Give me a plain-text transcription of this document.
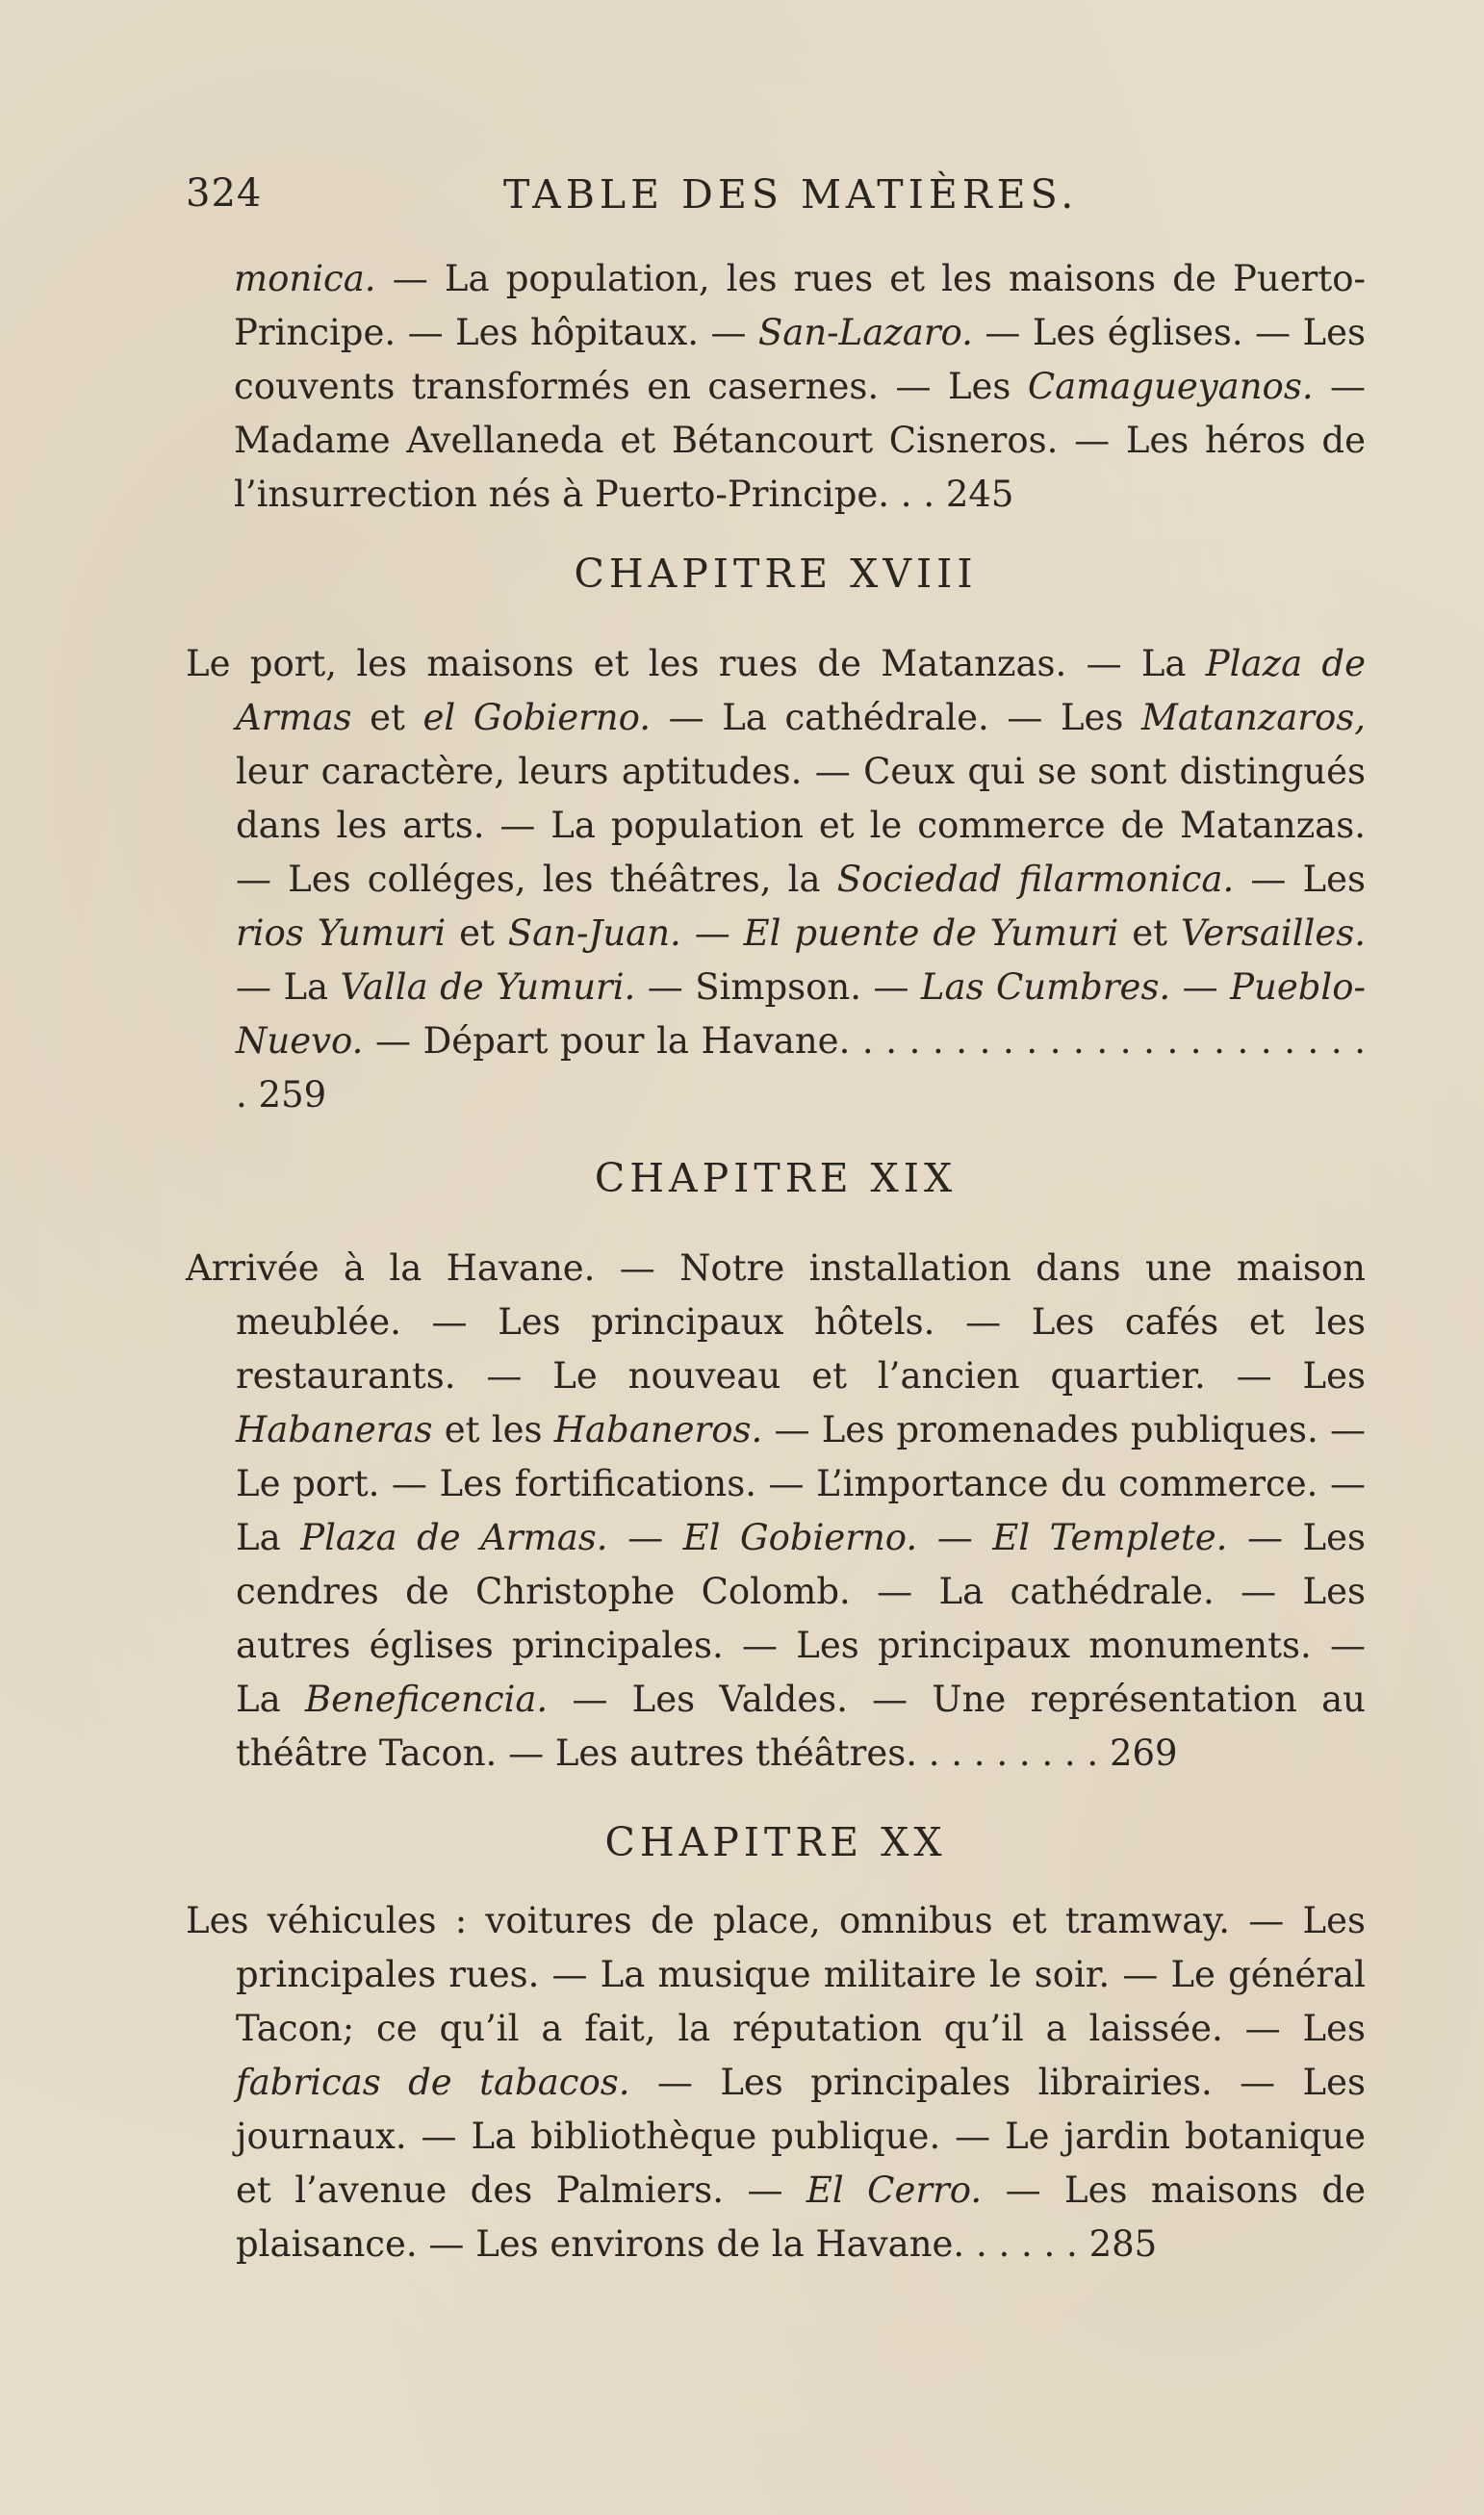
324	TABLE DES MATIÈRES.
monica. — La population, les rues et les maisons de Puerto-Principe. — Les hôpitaux. — San-Lazaro. — Les églises. — Les couvents transformés en casernes. — Les Camagueyanos. — Madame Avellaneda et Bétancourt Cisneros. — Les héros de l’insurrection nés à Puerto-Principe. . . 245
CHAPITRE XVIII
Le port, les maisons et les rues de Matanzas. — La Plaza de Armas et el Gobierno. — La cathédrale. — Les Matanzaros, leur caractère, leurs aptitudes. — Ceux qui se sont distingués dans les arts. — La population et le commerce de Matanzas. — Les colléges, les théâtres, la Sociedad filarmonica. — Les rios Yumuri et San-Juan. — El puente de Yumuri et Versailles. — La Valla de Yumuri. — Simpson. — Las Cumbres. — Pueblo-Nuevo. — Départ pour la Havane. . . . . . . . . . . . . . . . . . . . . . . . 259
CHAPITRE XIX
Arrivée à la Havane. — Notre installation dans une maison meublée. — Les principaux hôtels. — Les cafés et les restaurants. — Le nouveau et l’ancien quartier. — Les Habaneras et les Habaneros. — Les promenades publiques. — Le port. — Les fortifications. — L’importance du commerce. — La Plaza de Armas. — El Gobierno. — El Templete. — Les cendres de Christophe Colomb. — La cathédrale. — Les autres églises principales. — Les principaux monuments. — La Beneficencia. — Les Valdes. — Une représentation au théâtre Tacon. — Les autres théâtres. . . . . . . . . 269
CHAPITRE XX
Les véhicules : voitures de place, omnibus et tramway. — Les principales rues. — La musique militaire le soir. — Le général Tacon; ce qu’il a fait, la réputation qu’il a laissée. — Les fabricas de tabacos. — Les principales librairies. — Les journaux. — La bibliothèque publique. — Le jardin botanique et l’avenue des Palmiers. — El Cerro. — Les maisons de plaisance. — Les environs de la Havane. . . . . . 285
